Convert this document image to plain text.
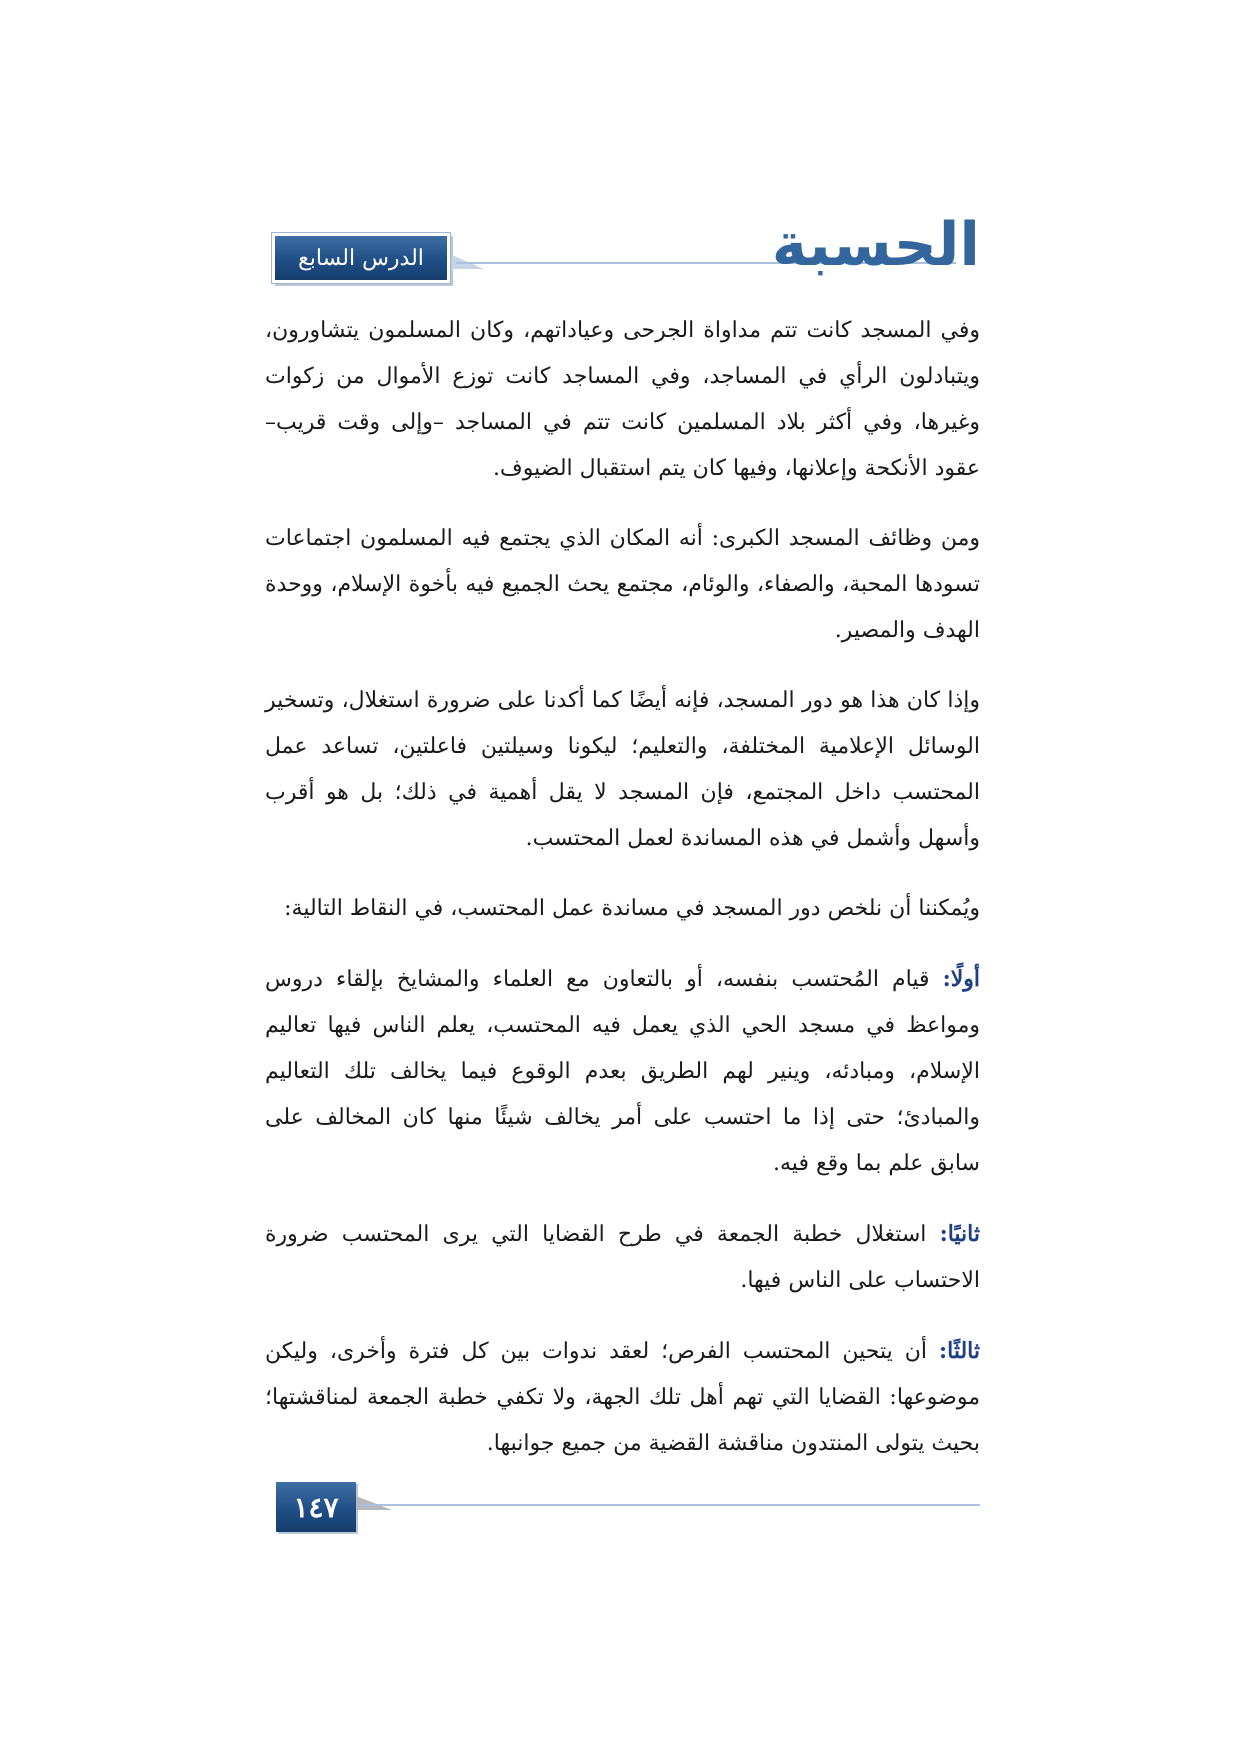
الدرس السابع	الحسبة

وفي المسجد كانت تتم مداواة الجرحى وعياداتهم، وكان المسلمون يتشاورون، ويتبادلون الرأي في المساجد، وفي المساجد كانت توزع الأموال من زكوات وغيرها، وفي أكثر بلاد المسلمين كانت تتم في المساجد –وإلى وقت قريب– عقود الأنكحة وإعلانها، وفيها كان يتم استقبال الضيوف.

ومن وظائف المسجد الكبرى: أنه المكان الذي يجتمع فيه المسلمون اجتماعات تسودها المحبة، والصفاء، والوئام، مجتمع يحث الجميع فيه بأخوة الإسلام، ووحدة الهدف والمصير.

وإذا كان هذا هو دور المسجد، فإنه أيضًا كما أكدنا على ضرورة استغلال، وتسخير الوسائل الإعلامية المختلفة، والتعليم؛ ليكونا وسيلتين فاعلتين، تساعد عمل المحتسب داخل المجتمع، فإن المسجد لا يقل أهمية في ذلك؛ بل هو أقرب وأسهل وأشمل في هذه المساندة لعمل المحتسب.

ويُمكننا أن نلخص دور المسجد في مساندة عمل المحتسب، في النقاط التالية:

أولًا: قيام المُحتسب بنفسه، أو بالتعاون مع العلماء والمشايخ بإلقاء دروس ومواعظ في مسجد الحي الذي يعمل فيه المحتسب، يعلم الناس فيها تعاليم الإسلام، ومبادئه، وينير لهم الطريق بعدم الوقوع فيما يخالف تلك التعاليم والمبادئ؛ حتى إذا ما احتسب على أمر يخالف شيئًا منها كان المخالف على سابق علم بما وقع فيه.

ثانيًا: استغلال خطبة الجمعة في طرح القضايا التي يرى المحتسب ضرورة الاحتساب على الناس فيها.

ثالثًا: أن يتحين المحتسب الفرص؛ لعقد ندوات بين كل فترة وأخرى، وليكن موضوعها: القضايا التي تهم أهل تلك الجهة، ولا تكفي خطبة الجمعة لمناقشتها؛ بحيث يتولى المنتدون مناقشة القضية من جميع جوانبها.

١٤٧
